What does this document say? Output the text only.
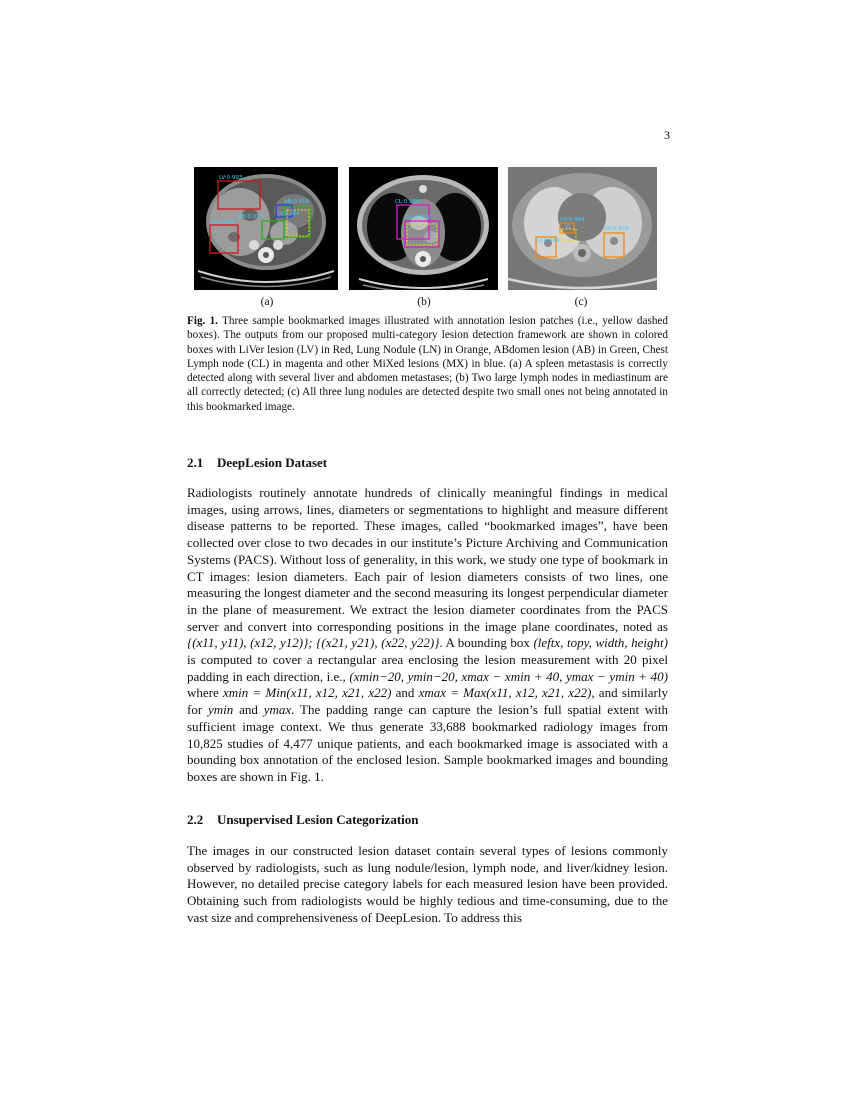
3
LV:0.993
LV:0.984
AB:0.914
AB:0.913	LV:0.984
CL:0.986
CL:0.973	LN:0.994
LV:0.949
LN:0.976
(a)	(b)	(c)
Fig. 1. Three sample bookmarked images illustrated with annotation lesion patches (i.e., yellow dashed boxes). The outputs from our proposed multi-category lesion detection framework are shown in colored boxes with LiVer lesion (LV) in Red, Lung Nodule (LN) in Orange, ABdomen lesion (AB) in Green, Chest Lymph node (CL) in magenta and other MiXed lesions (MX) in blue. (a) A spleen metastasis is correctly detected along with several liver and abdomen metastases; (b) Two large lymph nodes in mediastinum are all correctly detected; (c) All three lung nodules are detected despite two small ones not being annotated in this bookmarked image.
2.1 DeepLesion Dataset
Radiologists routinely annotate hundreds of clinically meaningful findings in medical images, using arrows, lines, diameters or segmentations to highlight and measure different disease patterns to be reported. These images, called “bookmarked images”, have been collected over close to two decades in our institute’s Picture Archiving and Communication Systems (PACS). Without loss of generality, in this work, we study one type of bookmark in CT images: lesion diameters. Each pair of lesion diameters consists of two lines, one measuring the longest diameter and the second measuring its longest perpendicular diameter in the plane of measurement. We extract the lesion diameter coordinates from the PACS server and convert into corresponding positions in the image plane coordinates, noted as {(x11, y11), (x12, y12)}; {(x21, y21), (x22, y22)}. A bounding box (leftx, topy, width, height) is computed to cover a rectangular area enclosing the lesion measurement with 20 pixel padding in each direction, i.e., (xmin−20, ymin−20, xmax − xmin + 40, ymax − ymin + 40) where xmin = Min(x11, x12, x21, x22) and xmax = Max(x11, x12, x21, x22), and similarly for ymin and ymax. The padding range can capture the lesion’s full spatial extent with sufficient image context. We thus generate 33,688 bookmarked radiology images from 10,825 studies of 4,477 unique patients, and each bookmarked image is associated with a bounding box annotation of the enclosed lesion. Sample bookmarked images and bounding boxes are shown in Fig. 1.
2.2 Unsupervised Lesion Categorization
The images in our constructed lesion dataset contain several types of lesions commonly observed by radiologists, such as lung nodule/lesion, lymph node, and liver/kidney lesion. However, no detailed precise category labels for each measured lesion have been provided. Obtaining such from radiologists would be highly tedious and time-consuming, due to the vast size and comprehensiveness of DeepLesion. To address this
